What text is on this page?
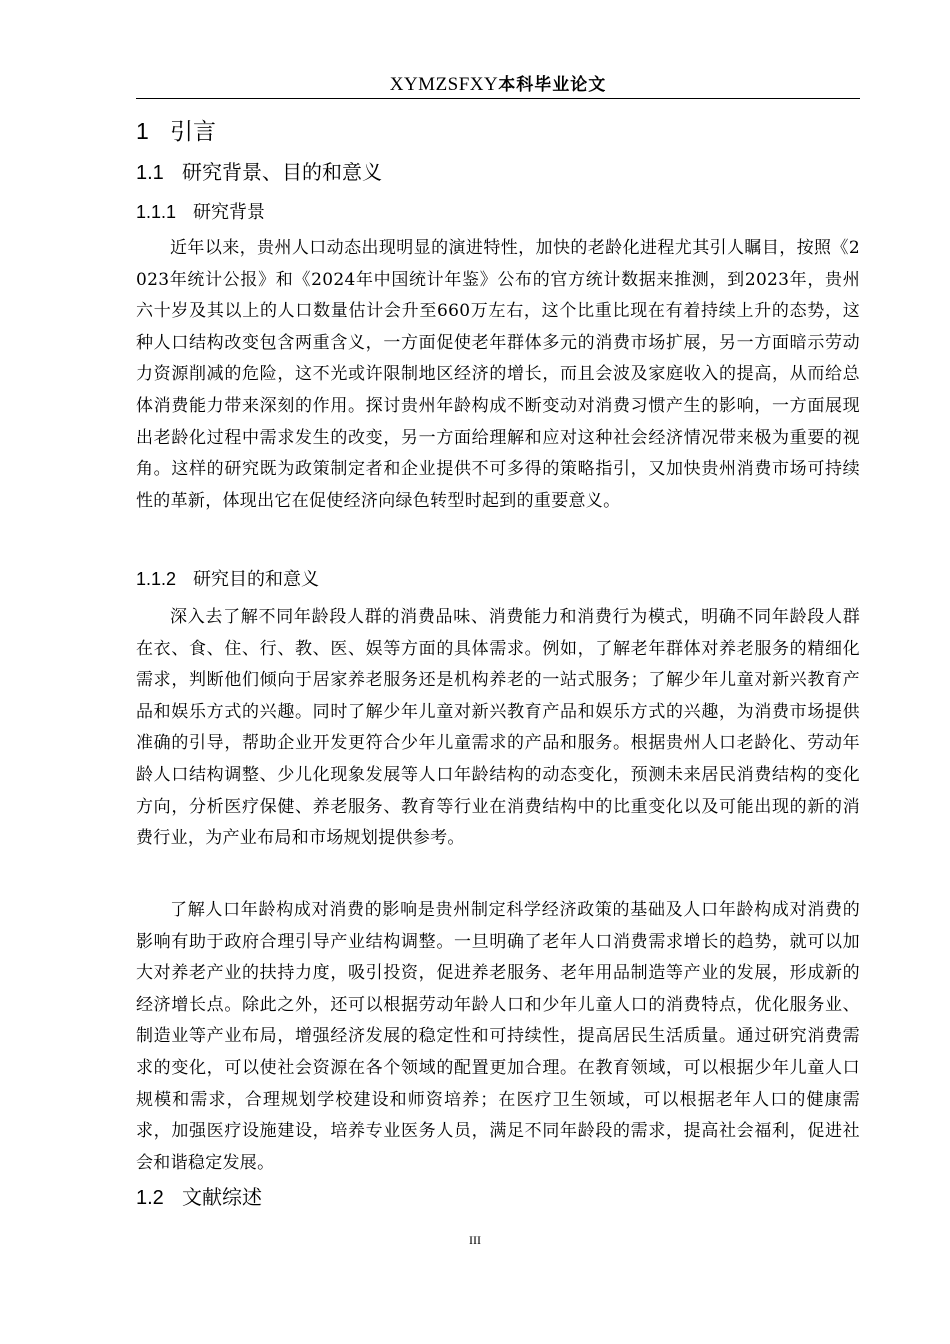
XYMZSFXY本科毕业论文
1 引言
1.1 研究背景、目的和意义
1.1.1 研究背景

近年以来，贵州人口动态出现明显的演进特性，加快的老龄化进程尤其引人瞩目，按照《2023年统计公报》和《2024年中国统计年鉴》公布的官方统计数据来推测，到2023年，贵州六十岁及其以上的人口数量估计会升至660万左右，这个比重比现在有着持续上升的态势，这种人口结构改变包含两重含义，一方面促使老年群体多元的消费市场扩展，另一方面暗示劳动力资源削减的危险，这不光或许限制地区经济的增长，而且会波及家庭收入的提高，从而给总体消费能力带来深刻的作用。探讨贵州年龄构成不断变动对消费习惯产生的影响，一方面展现出老龄化过程中需求发生的改变，另一方面给理解和应对这种社会经济情况带来极为重要的视角。这样的研究既为政策制定者和企业提供不可多得的策略指引，又加快贵州消费市场可持续性的革新，体现出它在促使经济向绿色转型时起到的重要意义。

1.1.2 研究目的和意义

深入去了解不同年龄段人群的消费品味、消费能力和消费行为模式，明确不同年龄段人群在衣、食、住、行、教、医、娱等方面的具体需求。例如，了解老年群体对养老服务的精细化需求，判断他们倾向于居家养老服务还是机构养老的一站式服务；了解少年儿童对新兴教育产品和娱乐方式的兴趣。同时了解少年儿童对新兴教育产品和娱乐方式的兴趣，为消费市场提供准确的引导，帮助企业开发更符合少年儿童需求的产品和服务。根据贵州人口老龄化、劳动年龄人口结构调整、少儿化现象发展等人口年龄结构的动态变化，预测未来居民消费结构的变化方向，分析医疗保健、养老服务、教育等行业在消费结构中的比重变化以及可能出现的新的消费行业，为产业布局和市场规划提供参考。

了解人口年龄构成对消费的影响是贵州制定科学经济政策的基础及人口年龄构成对消费的影响有助于政府合理引导产业结构调整。一旦明确了老年人口消费需求增长的趋势，就可以加大对养老产业的扶持力度，吸引投资，促进养老服务、老年用品制造等产业的发展，形成新的经济增长点。除此之外，还可以根据劳动年龄人口和少年儿童人口的消费特点，优化服务业、制造业等产业布局，增强经济发展的稳定性和可持续性，提高居民生活质量。通过研究消费需求的变化，可以使社会资源在各个领域的配置更加合理。在教育领域，可以根据少年儿童人口规模和需求，合理规划学校建设和师资培养；在医疗卫生领域，可以根据老年人口的健康需求，加强医疗设施建设，培养专业医务人员，满足不同年龄段的需求，提高社会福利，促进社会和谐稳定发展。

1.2 文献综述
III
